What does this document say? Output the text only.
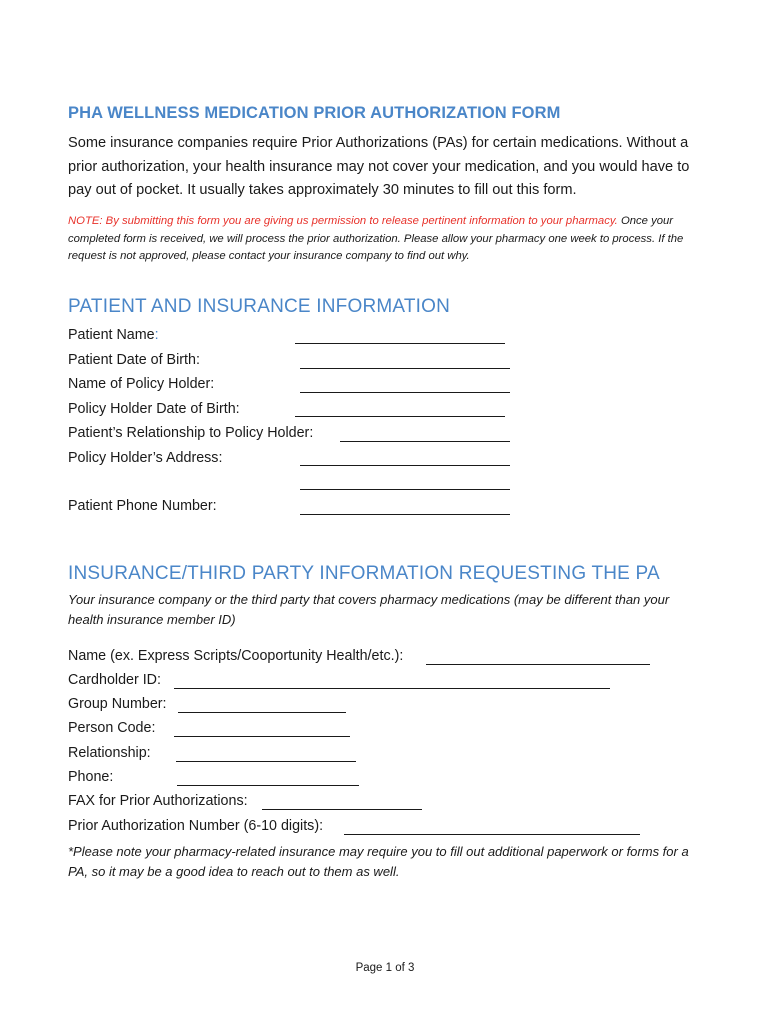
PHA WELLNESS MEDICATION PRIOR AUTHORIZATION FORM

Some insurance companies require Prior Authorizations (PAs) for certain medications. Without a prior authorization, your health insurance may not cover your medication, and you would have to pay out of pocket. It usually takes approximately 30 minutes to fill out this form.

NOTE: By submitting this form you are giving us permission to release pertinent information to your pharmacy. Once your completed form is received, we will process the prior authorization. Please allow your pharmacy one week to process. If the request is not approved, please contact your insurance company to find out why.
PATIENT AND INSURANCE INFORMATION
Patient Name:
Patient Date of Birth:
Name of Policy Holder:
Policy Holder Date of Birth:
Patient’s Relationship to Policy Holder:
Policy Holder’s Address:
Patient Phone Number:
INSURANCE/THIRD PARTY INFORMATION REQUESTING THE PA
Your insurance company or the third party that covers pharmacy medications (may be different than your health insurance member ID)
Name (ex. Express Scripts/Cooportunity Health/etc.):
Cardholder ID:
Group Number:
Person Code:
Relationship:
Phone:
FAX for Prior Authorizations:
Prior Authorization Number (6-10 digits):
*Please note your pharmacy-related insurance may require you to fill out additional paperwork or forms for a PA, so it may be a good idea to reach out to them as well.
Page 1 of 3
